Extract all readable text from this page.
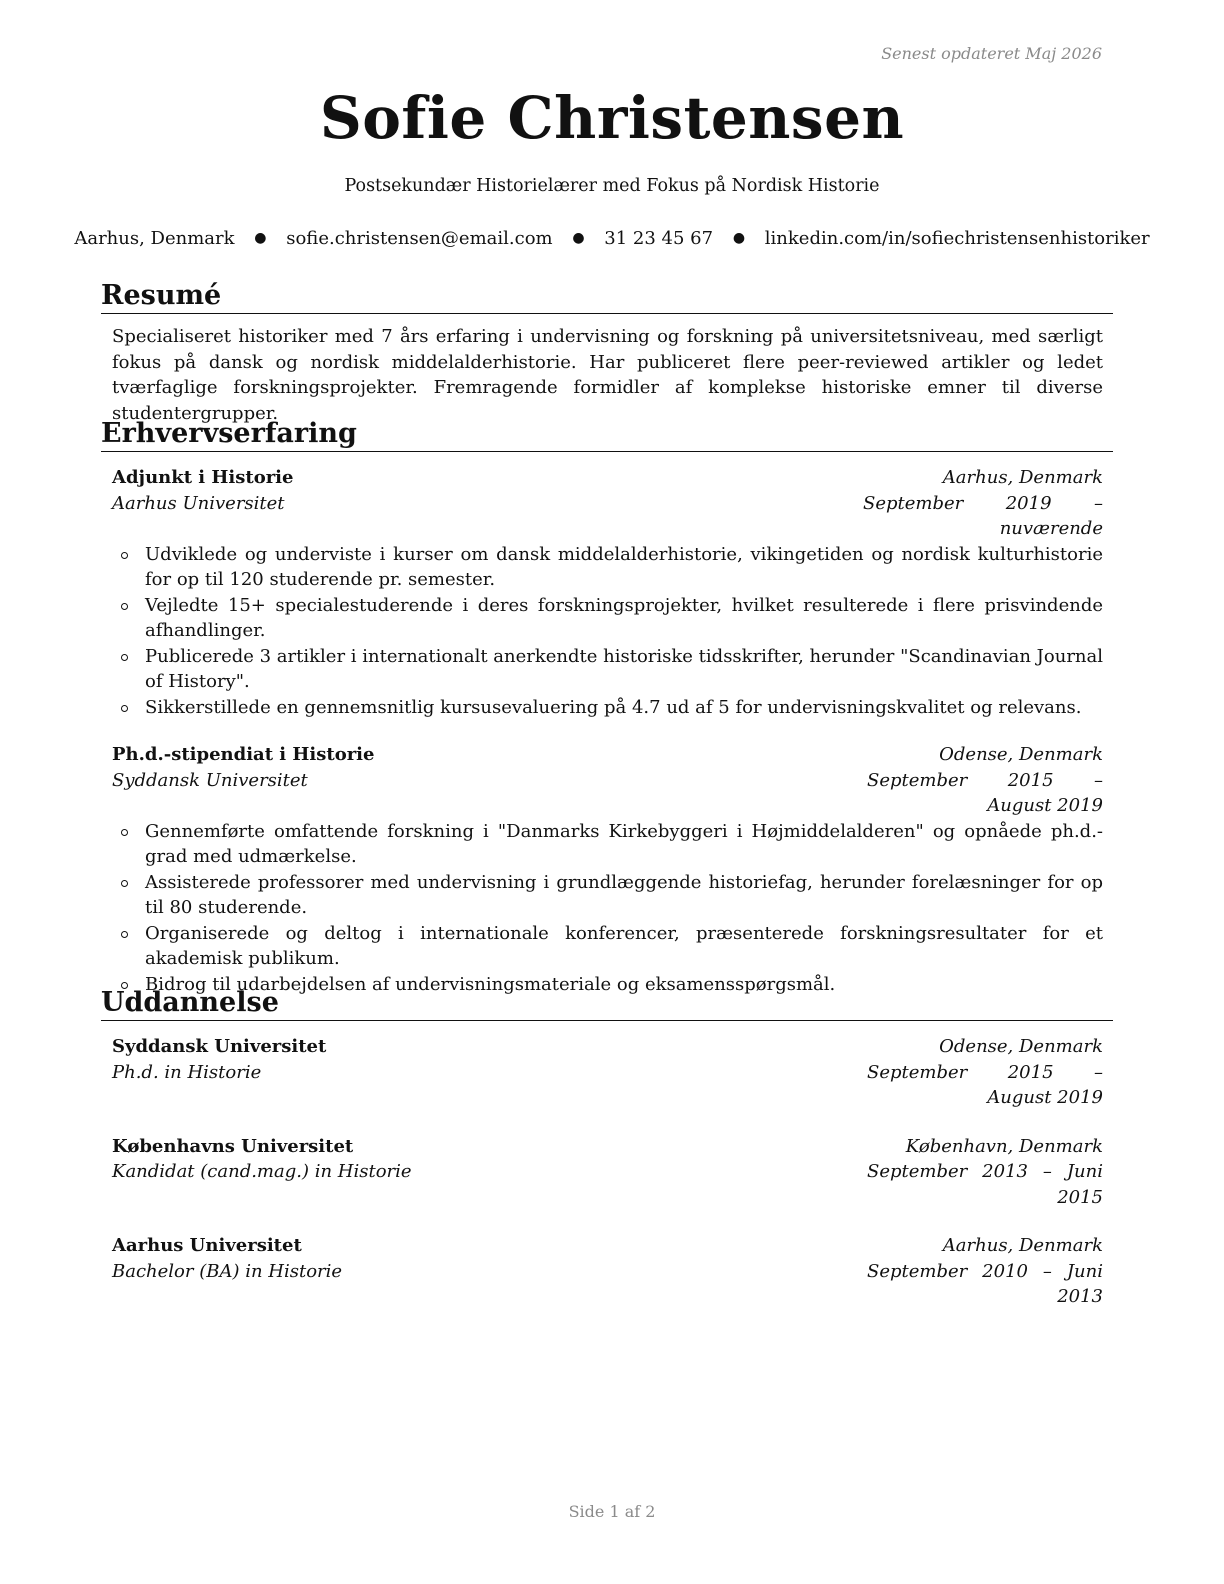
Senest opdateret Maj 2026
Sofie Christensen
Postsekundær Historielærer med Fokus på Nordisk Historie
Aarhus, Denmark ● sofie.christensen@email.com ● 31 23 45 67 ● linkedin.com/in/sofiechristensenhistoriker
Resumé
Specialiseret historiker med 7 års erfaring i undervisning og forskning på universitetsniveau, med særligt fokus på dansk og nordisk middelalderhistorie. Har publiceret flere peer-reviewed artikler og ledet tværfaglige forskningsprojekter. Fremragende formidler af komplekse historiske emner til diverse studentergrupper.
Erhvervserfaring
Adjunkt i Historie	Aarhus, Denmark
Aarhus Universitet	September 2019 – nuværende
Udviklede og underviste i kurser om dansk middelalderhistorie, vikingetiden og nordisk kulturhistorie for op til 120 studerende pr. semester.
Vejledte 15+ specialestuderende i deres forskningsprojekter, hvilket resulterede i flere prisvindende afhandlinger.
Publicerede 3 artikler i internationalt anerkendte historiske tidsskrifter, herunder "Scandinavian Journal of History".
Sikkerstillede en gennemsnitlig kursusevaluering på 4.7 ud af 5 for undervisningskvalitet og relevans.
Ph.d.-stipendiat i Historie	Odense, Denmark
Syddansk Universitet	September 2015 – August 2019
Gennemførte omfattende forskning i "Danmarks Kirkebyggeri i Højmiddelalderen" og opnåede ph.d.-grad med udmærkelse.
Assisterede professorer med undervisning i grundlæggende historiefag, herunder forelæsninger for op til 80 studerende.
Organiserede og deltog i internationale konferencer, præsenterede forskningsresultater for et akademisk publikum.
Bidrog til udarbejdelsen af undervisningsmateriale og eksamensspørgsmål.
Uddannelse
Syddansk Universitet	Odense, Denmark
Ph.d. in Historie	September 2015 – August 2019
Københavns Universitet	København, Denmark
Kandidat (cand.mag.) in Historie	September 2013 – Juni 2015
Aarhus Universitet	Aarhus, Denmark
Bachelor (BA) in Historie	September 2010 – Juni 2013
Side 1 af 2
